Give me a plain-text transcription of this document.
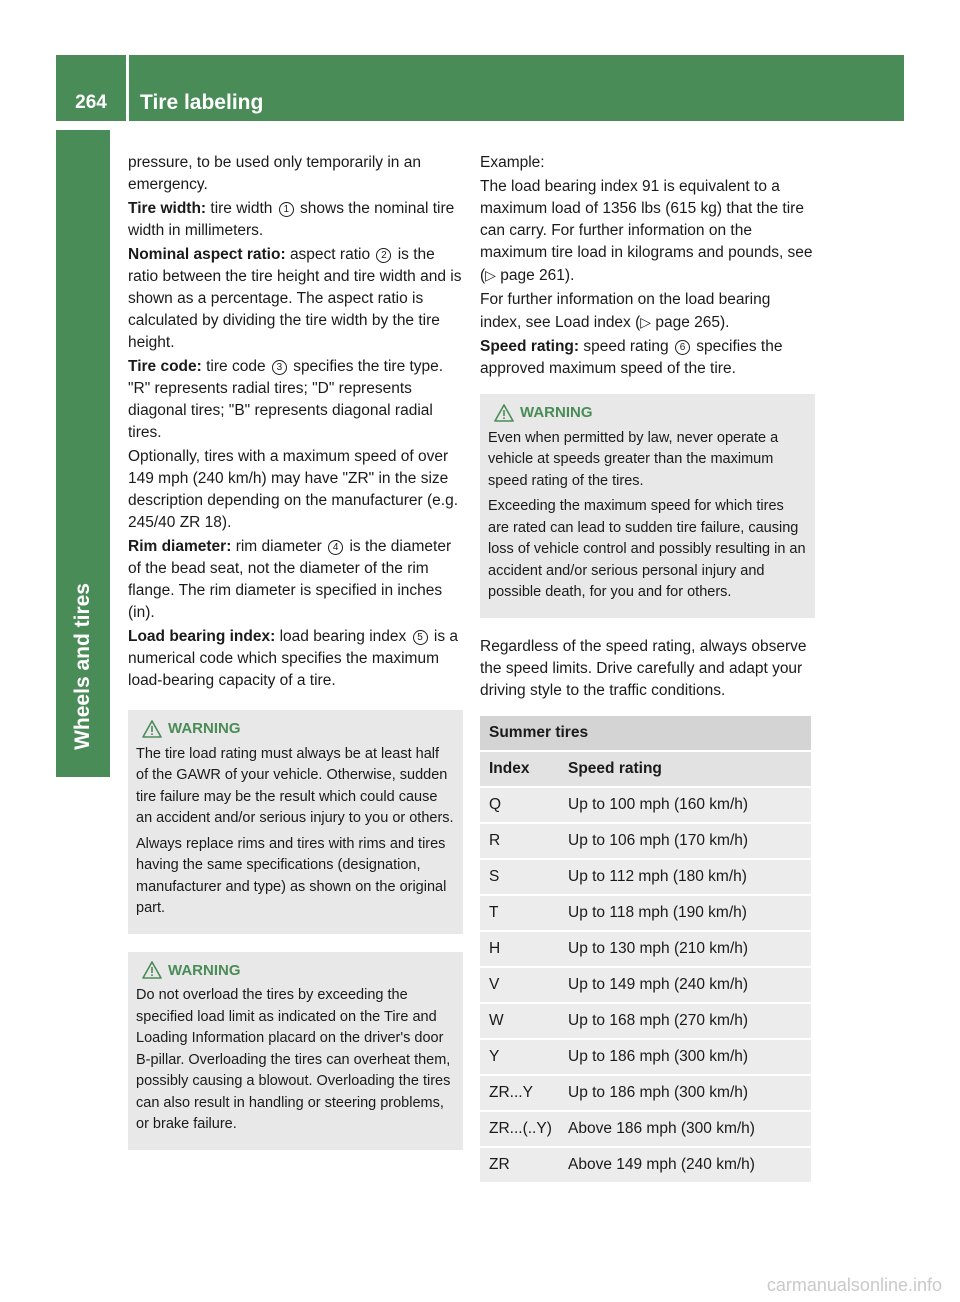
264	Tire labeling
Wheels and tires

pressure, to be used only temporarily in an emergency.

Tire width: tire width 1 shows the nominal tire width in millimeters.

Nominal aspect ratio: aspect ratio 2 is the ratio between the tire height and tire width and is shown as a percentage. The aspect ratio is calculated by dividing the tire width by the tire height.

Tire code: tire code 3 specifies the tire type. "R" represents radial tires; "D" represents diagonal tires; "B" represents diagonal radial tires.

Optionally, tires with a maximum speed of over 149 mph (240 km/h) may have "ZR" in the size description depending on the manufacturer (e.g. 245/40 ZR 18).

Rim diameter: rim diameter 4 is the diameter of the bead seat, not the diameter of the rim flange. The rim diameter is specified in inches (in).

Load bearing index: load bearing index 5 is a numerical code which specifies the maximum load-bearing capacity of a tire.

WARNING

The tire load rating must always be at least half of the GAWR of your vehicle. Otherwise, sudden tire failure may be the result which could cause an accident and/or serious injury to you or others.

Always replace rims and tires with rims and tires having the same specifications (designation, manufacturer and type) as shown on the original part.

WARNING

Do not overload the tires by exceeding the specified load limit as indicated on the Tire and Loading Information placard on the driver's door B-pillar. Overloading the tires can overheat them, possibly causing a blowout. Overloading the tires can also result in handling or steering problems, or brake failure.

Example:

The load bearing index 91 is equivalent to a maximum load of 1356 lbs (615 kg) that the tire can carry. For further information on the maximum tire load in kilograms and pounds, see (▷ page 261).

For further information on the load bearing index, see Load index (▷ page 265).

Speed rating: speed rating 6 specifies the approved maximum speed of the tire.

WARNING

Even when permitted by law, never operate a vehicle at speeds greater than the maximum speed rating of the tires.

Exceeding the maximum speed for which tires are rated can lead to sudden tire failure, causing loss of vehicle control and possibly resulting in an accident and/or serious personal injury and possible death, for you and for others.

Regardless of the speed rating, always observe the speed limits. Drive carefully and adapt your driving style to the traffic conditions.

Summer tires	
Index	Speed rating
Q	Up to 100 mph (160 km/h)
R	Up to 106 mph (170 km/h)
S	Up to 112 mph (180 km/h)
T	Up to 118 mph (190 km/h)
H	Up to 130 mph (210 km/h)
V	Up to 149 mph (240 km/h)
W	Up to 168 mph (270 km/h)
Y	Up to 186 mph (300 km/h)
ZR...Y	Up to 186 mph (300 km/h)
ZR...(..Y)	Above 186 mph (300 km/h)
ZR	Above 149 mph (240 km/h)
carmanualsonline.info
